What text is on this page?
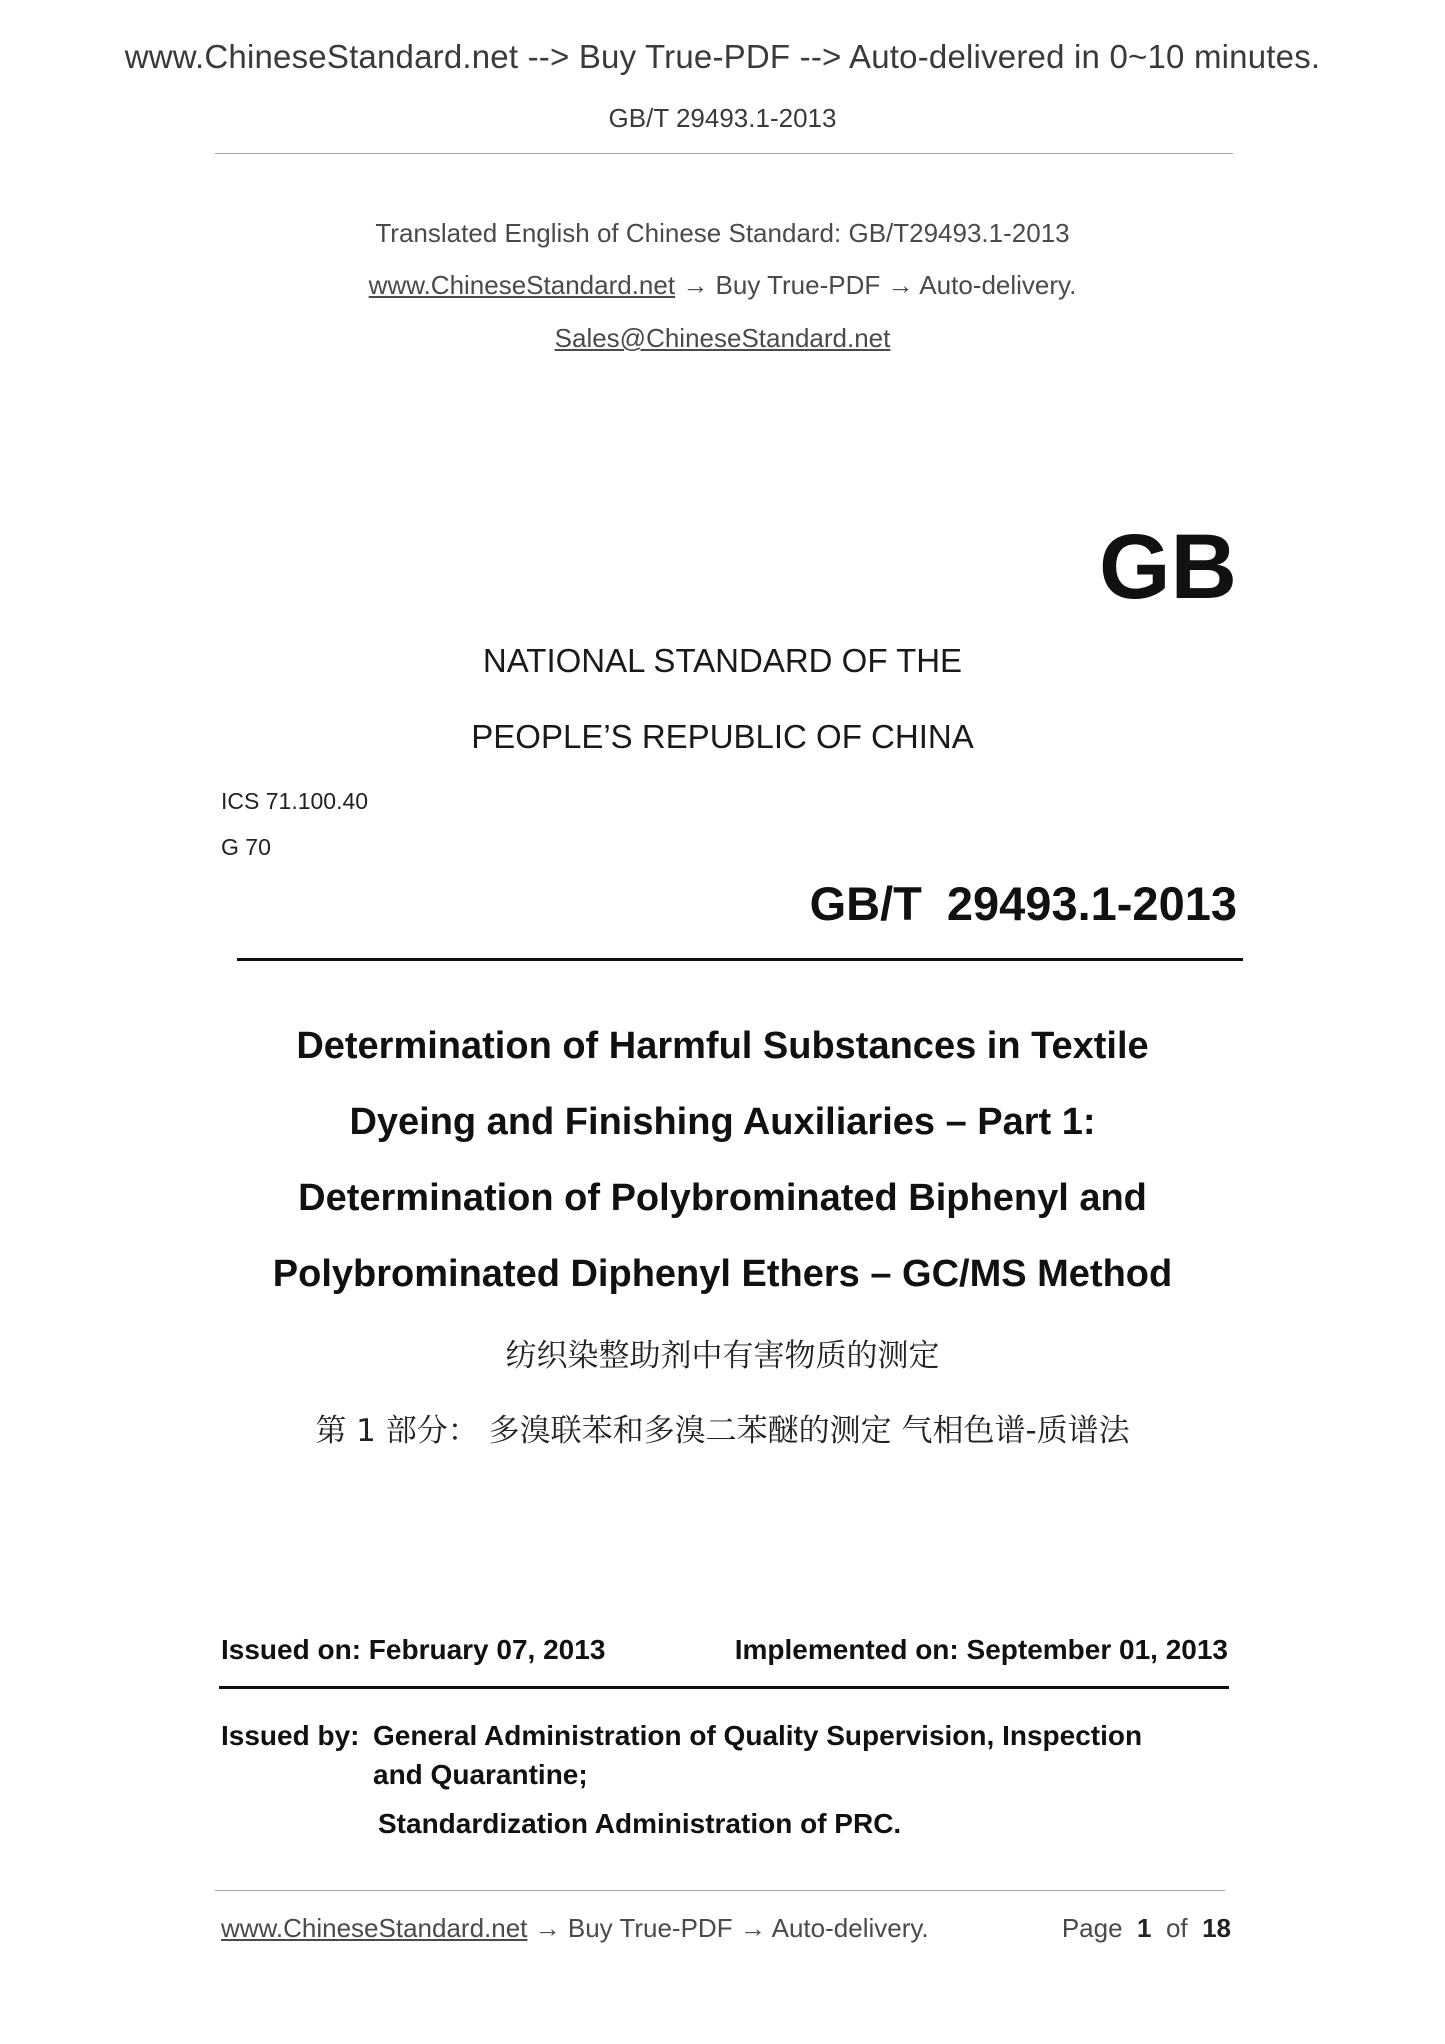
www.ChineseStandard.net --> Buy True-PDF --> Auto-delivered in 0~10 minutes.
GB/T 29493.1-2013
Translated English of Chinese Standard: GB/T29493.1-2013
www.ChineseStandard.net → Buy True-PDF → Auto-delivery.
Sales@ChineseStandard.net
GB
NATIONAL STANDARD OF THE
PEOPLE’S REPUBLIC OF CHINA
ICS 71.100.40
G 70
GB/T 29493.1-2013
Determination of Harmful Substances in Textile
Dyeing and Finishing Auxiliaries – Part 1:
Determination of Polybrominated Biphenyl and
Polybrominated Diphenyl Ethers – GC/MS Method
纺织染整助剂中有害物质的测定
第 1 部分： 多溴联苯和多溴二苯醚的测定 气相色谱-质谱法
Issued on: February 07, 2013	Implemented on: September 01, 2013
Issued by: General Administration of Quality Supervision, Inspection
and Quarantine;
Standardization Administration of PRC.
www.ChineseStandard.net → Buy True-PDF → Auto-delivery.	Page 1 of 18
